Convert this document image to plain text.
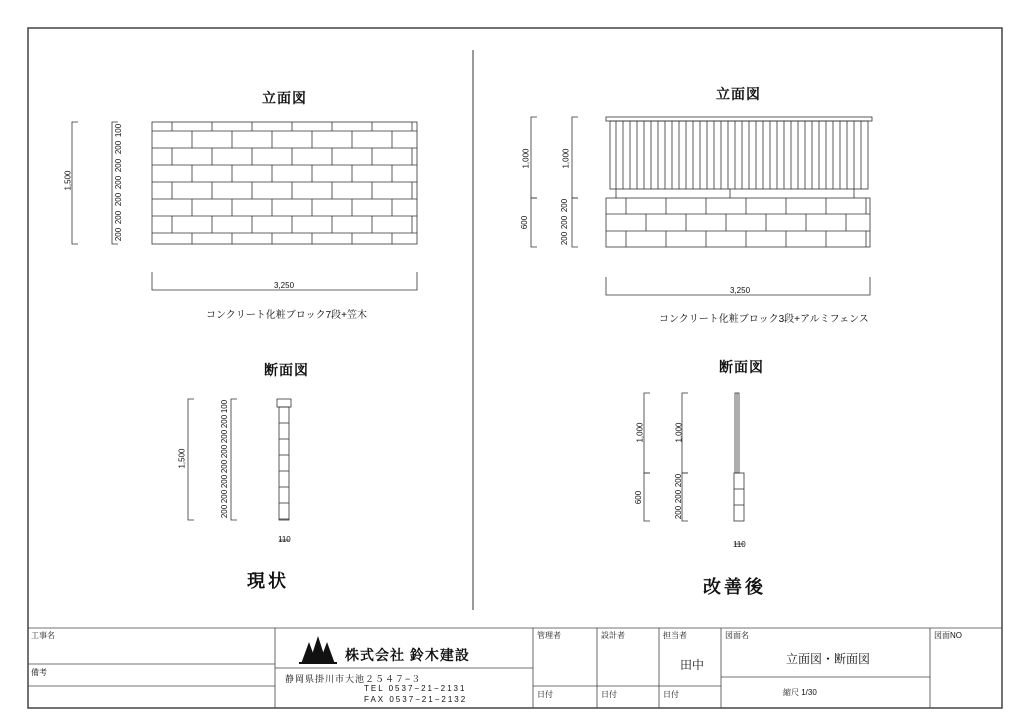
立面図
1,500
100
200
200
200
200
200
200
3,250
コンクリート化粧ブロック7段+笠木
断面図
1,500
100
200
200
200
200
200
200
200
110
現状
立面図
1,000	1,000
600
200
200
200
3,250
コンクリート化粧ブロック3段+アルミフェンス
断面図
1,000	1,000
600
200
200
200
110
改善後
工事名
備考
株式会社 鈴木建設
静岡県掛川市大池２５４７−３
TEL 0537−21−2131
FAX 0537−21−2132
管理者	設計者	担当者
田中
日付	日付	日付
図面名
立面図・断面図
縮尺 1/30
図面NO
